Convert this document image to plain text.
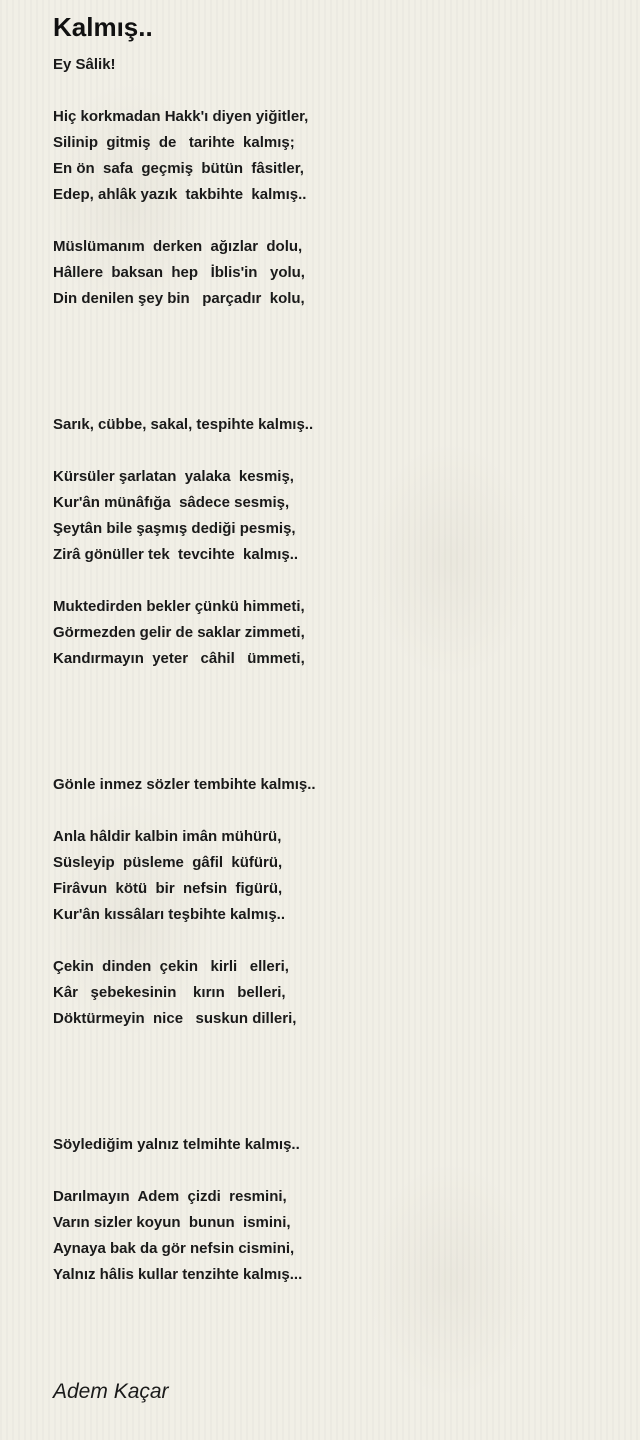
Kalmış..
Ey Sâlik!
Hiç korkmadan Hakk'ı diyen yiğitler,
Silinip  gitmiş  de   tarihte  kalmış;
En ön  safa  geçmiş  bütün  fâsitler,
Edep, ahlâk yazık  takbihte  kalmış..
Müslümanım  derken  ağızlar  dolu,
Hâllere  baksan  hep   İblis'in   yolu,
Din denilen şey bin   parçadır  kolu,
Sarık, cübbe, sakal, tespihte kalmış..
Kürsüler şarlatan  yalaka  kesmiş,
Kur'ân münâfığa  sâdece sesmiş,
Şeytân bile şaşmış dediği pesmiş,
Zirâ gönüller tek  tevcihte  kalmış..
Muktedirden bekler çünkü himmeti,
Görmezden gelir de saklar zimmeti,
Kandırmayın  yeter   câhil   ümmeti,
Gönle inmez sözler tembihte kalmış..
Anla hâldir kalbin imân mühürü,
Süsleyip  püsleme  gâfil  küfürü,
Firâvun  kötü  bir  nefsin  figürü,
Kur'ân kıssâları teşbihte kalmış..
Çekin  dinden  çekin   kirli   elleri,
Kâr   şebekesinin    kırın   belleri,
Döktürmeyin  nice   suskun dilleri,
Söylediğim yalnız telmihte kalmış..
Darılmayın  Adem  çizdi  resmini,
Varın sizler koyun  bunun  ismini,
Aynaya bak da gör nefsin cismini,
Yalnız hâlis kullar tenzihte kalmış...
Adem Kaçar
